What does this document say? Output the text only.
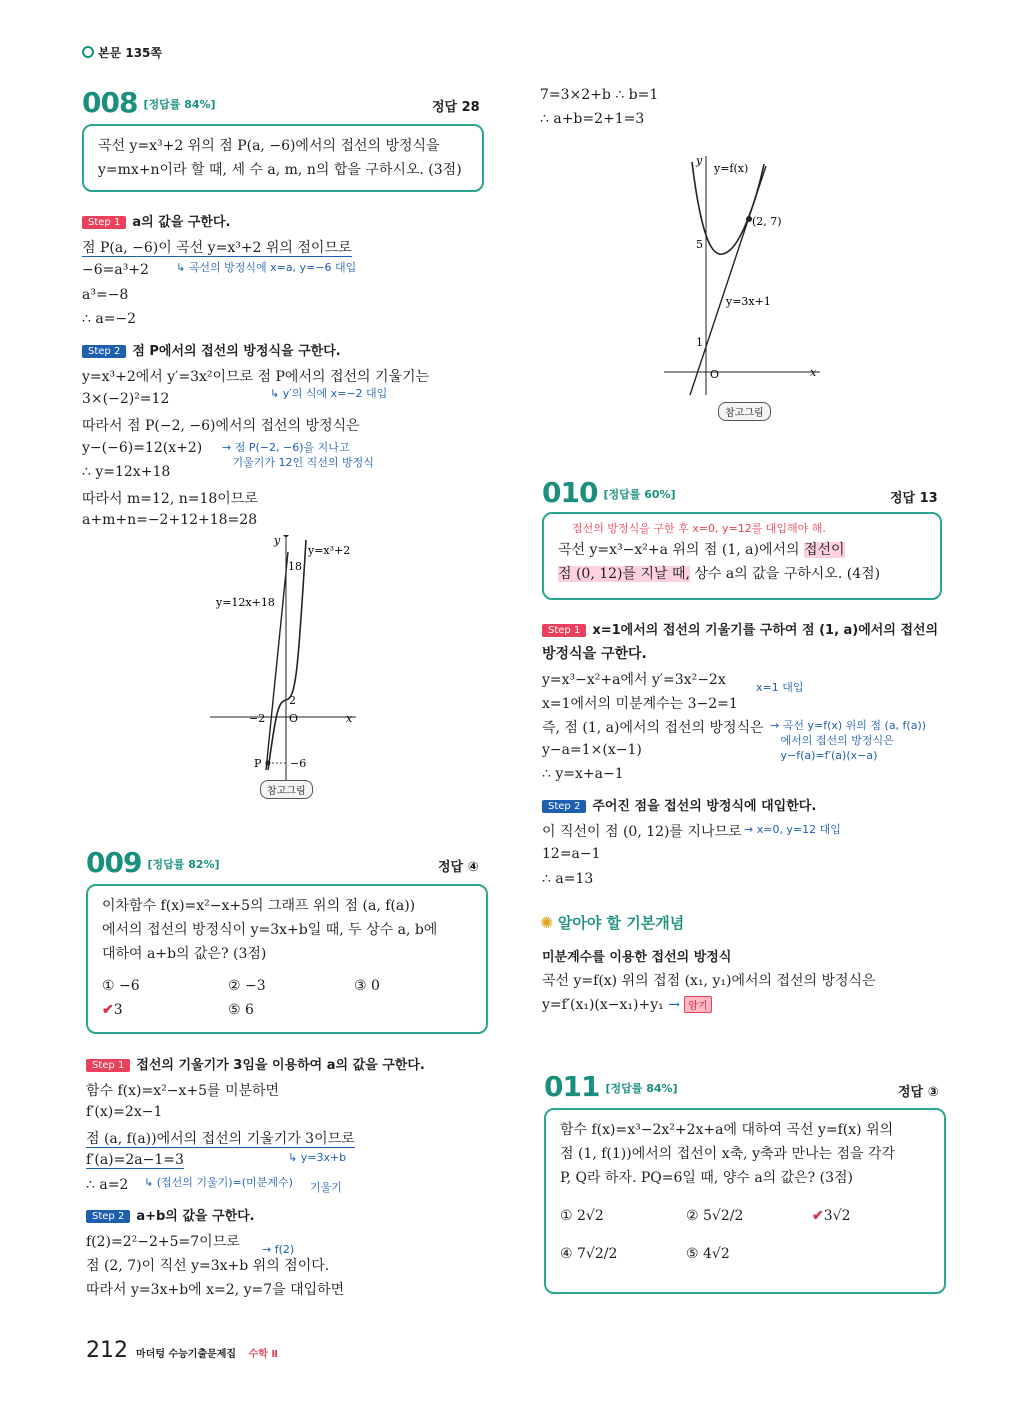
본문 135쪽
008 [정답률 84%]	정답 28
곡선 y=x³+2 위의 점 P(a, −6)에서의 접선의 방정식을
y=mx+n이라 할 때, 세 수 a, m, n의 합을 구하시오. (3점)
Step 1 a의 값을 구한다.
점 P(a, −6)이 곡선 y=x³+2 위의 점이므로
−6=a³+2 ↳ 곡선의 방정식에 x=a, y=−6 대입
a³=−8
∴ a=−2
Step 2 점 P에서의 접선의 방정식을 구한다.
y=x³+2에서 y′=3x²이므로 점 P에서의 접선의 기울기는
↳ y′의 식에 x=−2 대입
3×(−2)²=12
따라서 점 P(−2, −6)에서의 접선의 방정식은
y−(−6)=12(x+2) → 점 P(−2, −6)을 지나고
기울기가 12인 직선의 방정식
∴ y=12x+18
따라서 m=12, n=18이므로
a+m+n=−2+12+18=28
y=x³+2
y=12x+18
18
2
−2 O	x
y
P	−6
참고그림
009 [정답률 82%]	정답 ④
이차함수 f(x)=x²−x+5의 그래프 위의 점 (a, f(a))
에서의 접선의 방정식이 y=3x+b일 때, 두 상수 a, b에
대하여 a+b의 값은? (3점)
① −6	② −3	③ 0
✔3	⑤ 6
Step 1 접선의 기울기가 3임을 이용하여 a의 값을 구한다.
함수 f(x)=x²−x+5를 미분하면
f′(x)=2x−1
점 (a, f(a))에서의 접선의 기울기가 3이므로
f′(a)=2a−1=3	↳ y=3x+b
기울기
∴ a=2 ↳ (접선의 기울기)=(미분계수)
Step 2 a+b의 값을 구한다.
f(2)=2²−2+5=7이므로 → f(2)
점 (2, 7)이 직선 y=3x+b 위의 점이다.
따라서 y=3x+b에 x=2, y=7을 대입하면
7=3×2+b ∴ b=1
∴ a+b=2+1=3
y=f(x)
y=3x+1
(2, 7)
5
1
O	x
y
참고그림
010 [정답률 60%]	정답 13
접선의 방정식을 구한 후 x=0, y=12를 대입해야 해.
곡선 y=x³−x²+a 위의 점 (1, a)에서의 접선이
점 (0, 12)를 지날 때, 상수 a의 값을 구하시오. (4점)
Step 1 x=1에서의 접선의 기울기를 구하여 점 (1, a)에서의 접선의
방정식을 구한다.
y=x³−x²+a에서 y′=3x²−2x	x=1 대입
x=1에서의 미분계수는 3−2=1
즉, 점 (1, a)에서의 접선의 방정식은 → 곡선 y=f(x) 위의 점 (a, f(a))
에서의 접선의 방정식은
y−f(a)=f′(a)(x−a)
y−a=1×(x−1)
∴ y=x+a−1
Step 2 주어진 점을 접선의 방정식에 대입한다.
이 직선이 점 (0, 12)를 지나므로 → x=0, y=12 대입
12=a−1
∴ a=13
✺ 알아야 할 기본개념
미분계수를 이용한 접선의 방정식
곡선 y=f(x) 위의 접점 (x₁, y₁)에서의 접선의 방정식은
y=f′(x₁)(x−x₁)+y₁ → 암기
011 [정답률 84%]	정답 ③
함수 f(x)=x³−2x²+2x+a에 대하여 곡선 y=f(x) 위의
점 (1, f(1))에서의 접선이 x축, y축과 만나는 점을 각각
P, Q라 하자. PQ=6일 때, 양수 a의 값은? (3점)
① 2√2	② 5√2/2	✔3√2
④ 7√2/2	⑤ 4√2
212 마더텅 수능기출문제집 수학 Ⅱ
